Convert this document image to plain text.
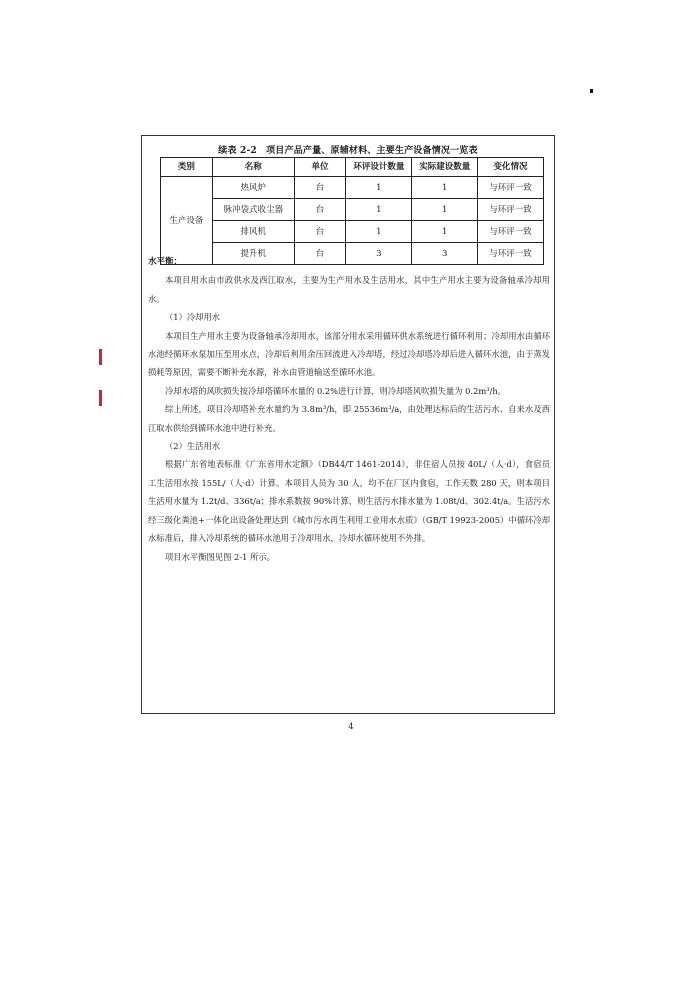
续表 2-2　项目产品产量、原辅材料、主要生产设备情况一览表
类别	名称	单位	环评设计数量	实际建设数量	变化情况
生产设备	热风炉	台	1	1	与环评一致
	脉冲袋式收尘器	台	1	1	与环评一致
	排风机	台	1	1	与环评一致
	提升机	台	3	3	与环评一致

水平衡：

本项目用水由市政供水及西江取水，主要为生产用水及生活用水，其中生产用水主要为设备轴承冷却用水。

（1）冷却用水

本项目生产用水主要为设备轴承冷却用水，该部分用水采用循环供水系统进行循环利用；冷却用水由循环水池经循环水泵加压至用水点，冷却后利用余压回流进入冷却塔，经过冷却塔冷却后进入循环水池，由于蒸发损耗等原因，需要不断补充水源，补水由管道输送至循环水池。

冷却水塔的风吹损失按冷却塔循环水量的 0.2%进行计算，则冷却塔风吹损失量为 0.2m³/h。

综上所述，项目冷却塔补充水量约为 3.8m³/h，即 25536m³/a，由处理达标后的生活污水、自来水及西江取水供给到循环水池中进行补充。

（2）生活用水

根据广东省地表标准《广东省用水定额》（DB44/T 1461-2014），非住宿人员按 40L/（人·d），食宿员工生活用水按 155L/（人·d）计算。本项目人员为 30 人，均不在厂区内食宿，工作天数 280 天，则本项目生活用水量为 1.2t/d、336t/a；排水系数按 90%计算，则生活污水排水量为 1.08t/d、302.4t/a。生活污水经三级化粪池+一体化出设备处理达到《城市污水再生利用工业用水水质》（GB/T 19923-2005）中循环冷却水标准后，排入冷却系统的循环水池用于冷却用水，冷却水循环使用不外排。

项目水平衡图见图 2-1 所示。

4
